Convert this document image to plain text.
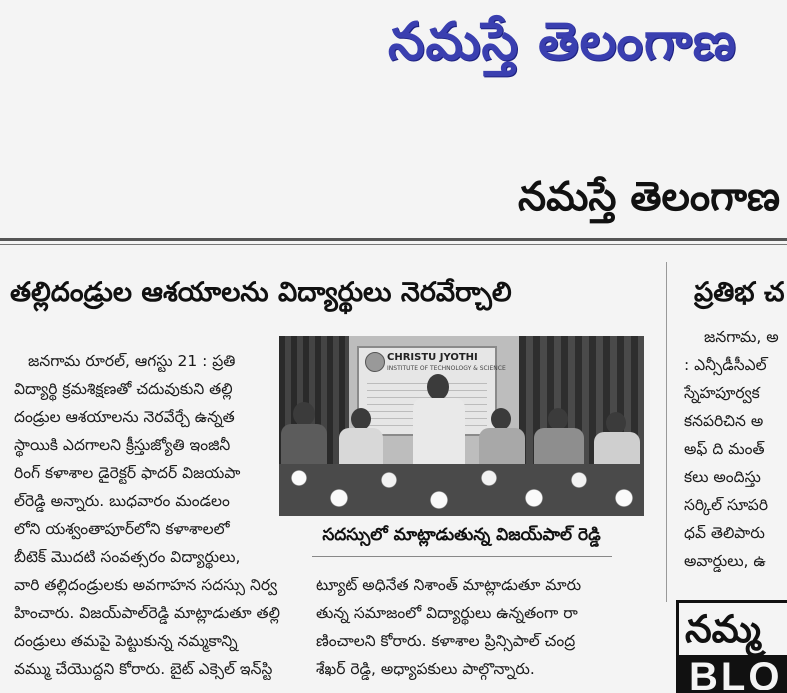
నమస్తే తెలంగాణ
నమస్తే తెలంగాణ
తల్లిదండ్రుల ఆశయాలను విద్యార్థులు నెరవేర్చాలి	ప్రతిభ చ
జనగామ రూరల్, ఆగస్టు 21 : ప్రతి
విద్యార్థి క్రమశిక్షణతో చదువుకుని తల్లి
దండ్రుల ఆశయాలను నెరవేర్చే ఉన్నత
స్థాయికి ఎదగాలని క్రీస్తుజ్యోతి ఇంజినీ
రింగ్ కళాశాల డైరెక్టర్ ఫాదర్ విజయపా
ల్‌రెడ్డి అన్నారు. బుధవారం మండలం
లోని యశ్వంతాపూర్‌లోని కళాశాలలో
బీటెక్ మొదటి సంవత్సరం విద్యార్థులు,
CHRISTU JYOTHI
INSTITUTE OF TECHNOLOGY & SCIENCE
సదస్సులో మాట్లాడుతున్న విజయ్‌పాల్ రెడ్డి
వారి తల్లిదండ్రులకు అవగాహన సదస్సు నిర్వ
హించారు. విజయ్‌పాల్‌రెడ్డి మాట్లాడుతూ తల్లి
దండ్రులు తమపై పెట్టుకున్న నమ్మకాన్ని
వమ్ము చేయొద్దని కోరారు. బైట్ ఎక్సెల్ ఇన్‌స్టి
ట్యూట్ అధినేత నిశాంత్ మాట్లాడుతూ మారు
తున్న సమాజంలో విద్యార్థులు ఉన్నతంగా రా
ణించాలని కోరారు. కళాశాల ప్రిన్సిపాల్ చంద్ర
శేఖర్ రెడ్డి, అధ్యాపకులు పాల్గొన్నారు.
జనగామ, అ
: ఎన్సీడీసీఎల్
స్నేహపూర్వక
కనపరిచిన అ
అఫ్ ది మంత్
కలు అందిస్తు
సర్కిల్ సూపరి
ధవ్ తెలిపారు
అవార్డులు, ఉ
నమ్మ
BLO
